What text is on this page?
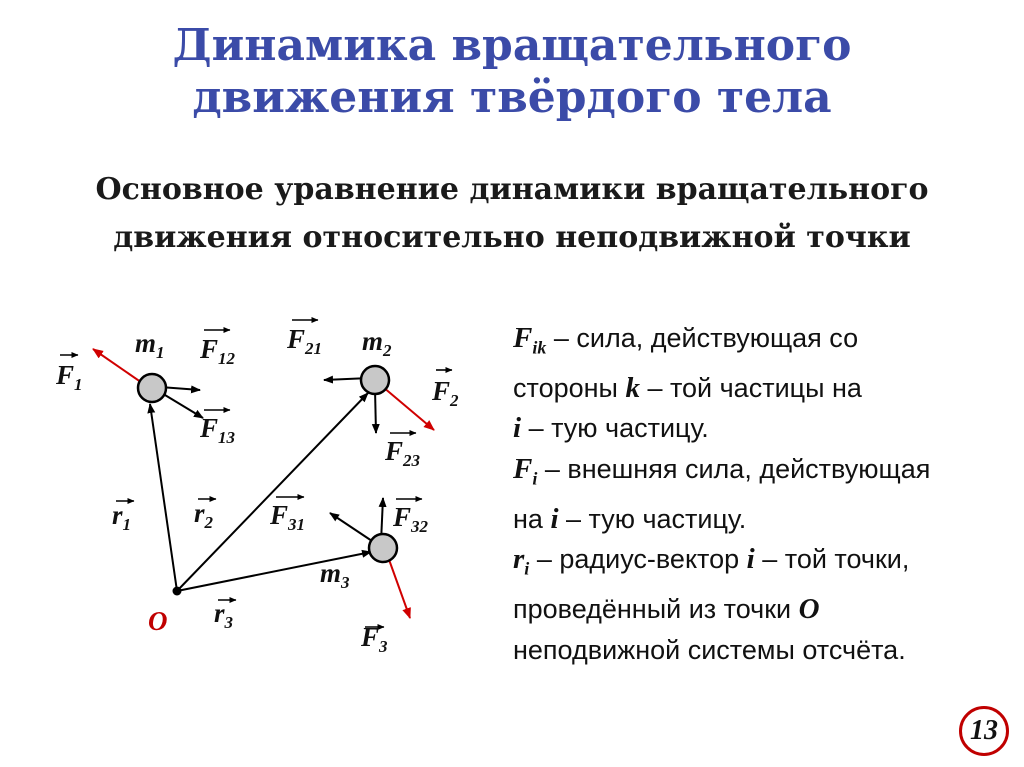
Динамика вращательного
движения твёрдого тела
Основное уравнение динамики вращательного
движения относительно неподвижной точки
$m_1$	$m_2$
$m_3$
$F_1$	$F_2$
$F_3$
$F_{12}$
$F_{13}$
$F_{21}$
$F_{23}$
$F_{31}$	$F_{32}$
$r_1$ $r_2$
$r_3$
O
$F_{ik}$ – сила, действующая со
стороны k – той частицы на
i – тую частицу.
$F_i$ – внешняя сила, действующая
на i – тую частицу.
$r_i$ – радиус-вектор i – той точки,
проведённый из точки O
неподвижной системы отсчёта.
13
